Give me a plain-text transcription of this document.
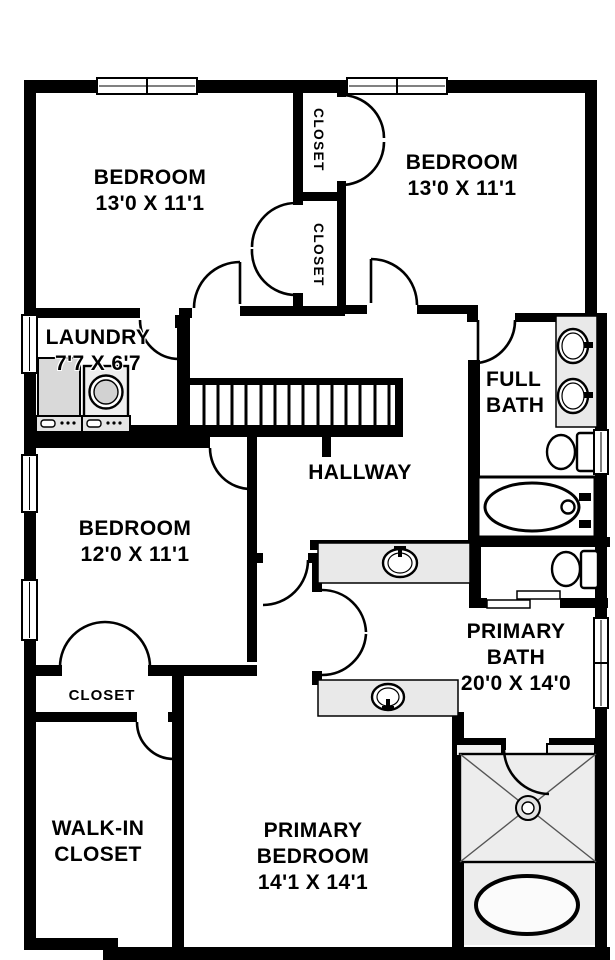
BEDROOM
13'0 X 11'1
BEDROOM
13'0 X 11'1
CLOSET
CLOSET
LAUNDRY
7'7 X 6'7
FULL
BATH
HALLWAY
BEDROOM
12'0 X 11'1
CLOSET
PRIMARY
BATH
20'0 X 14'0
WALK-IN
CLOSET
PRIMARY
BEDROOM
14'1 X 14'1
